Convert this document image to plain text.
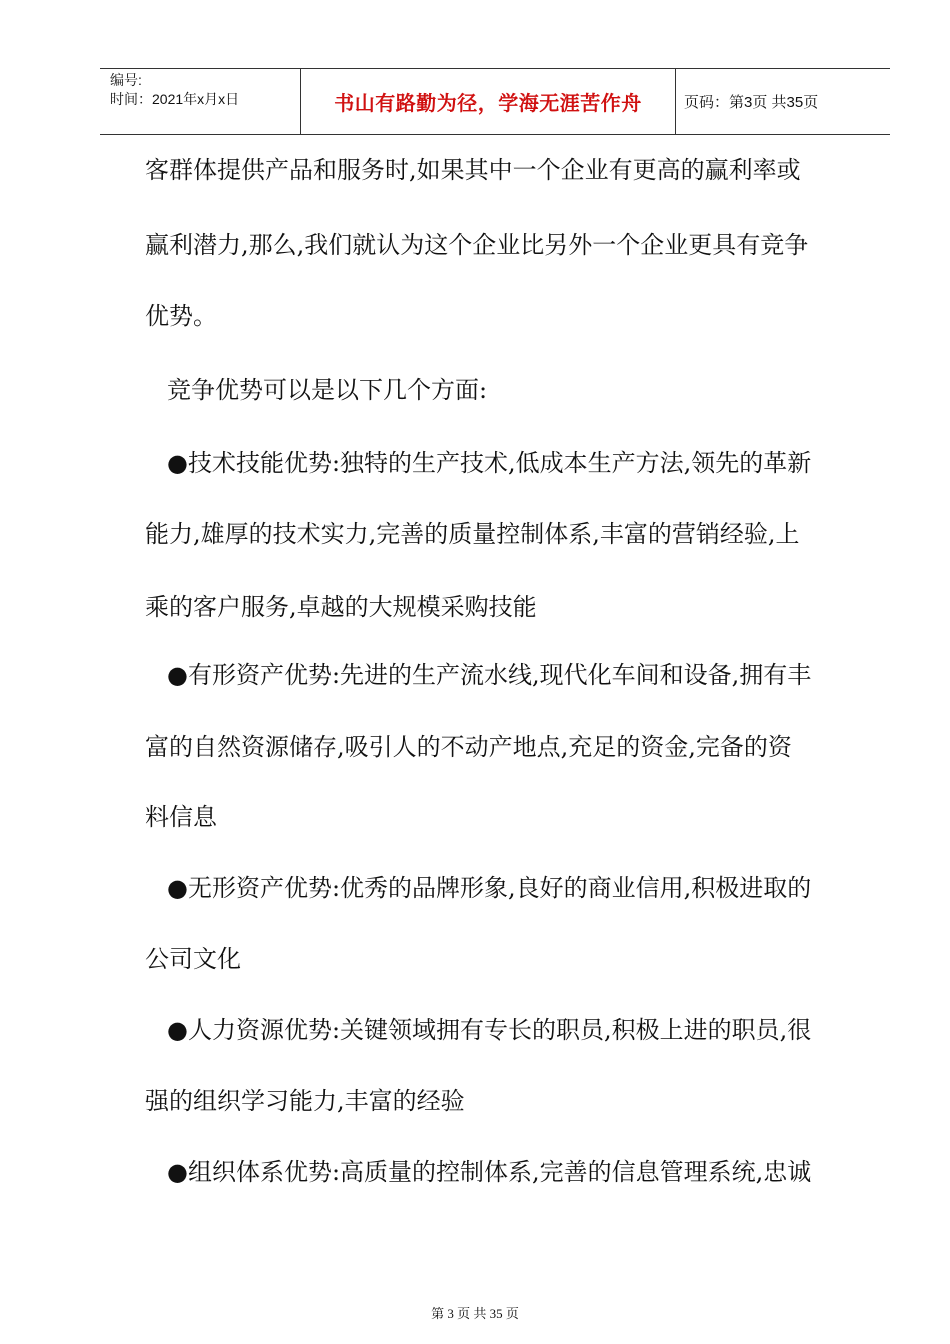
编号:
时间：2021年x月x日	书山有路勤为径，学海无涯苦作舟	页码：第3页 共35页
客群体提供产品和服务时,如果其中一个企业有更高的赢利率或
赢利潜力,那么,我们就认为这个企业比另外一个企业更具有竞争
优势。
竞争优势可以是以下几个方面:
●技术技能优势:独特的生产技术,低成本生产方法,领先的革新
能力,雄厚的技术实力,完善的质量控制体系,丰富的营销经验,上
乘的客户服务,卓越的大规模采购技能
●有形资产优势:先进的生产流水线,现代化车间和设备,拥有丰
富的自然资源储存,吸引人的不动产地点,充足的资金,完备的资
料信息
●无形资产优势:优秀的品牌形象,良好的商业信用,积极进取的
公司文化
●人力资源优势:关键领域拥有专长的职员,积极上进的职员,很
强的组织学习能力,丰富的经验
●组织体系优势:高质量的控制体系,完善的信息管理系统,忠诚
第 3 页 共 35 页
